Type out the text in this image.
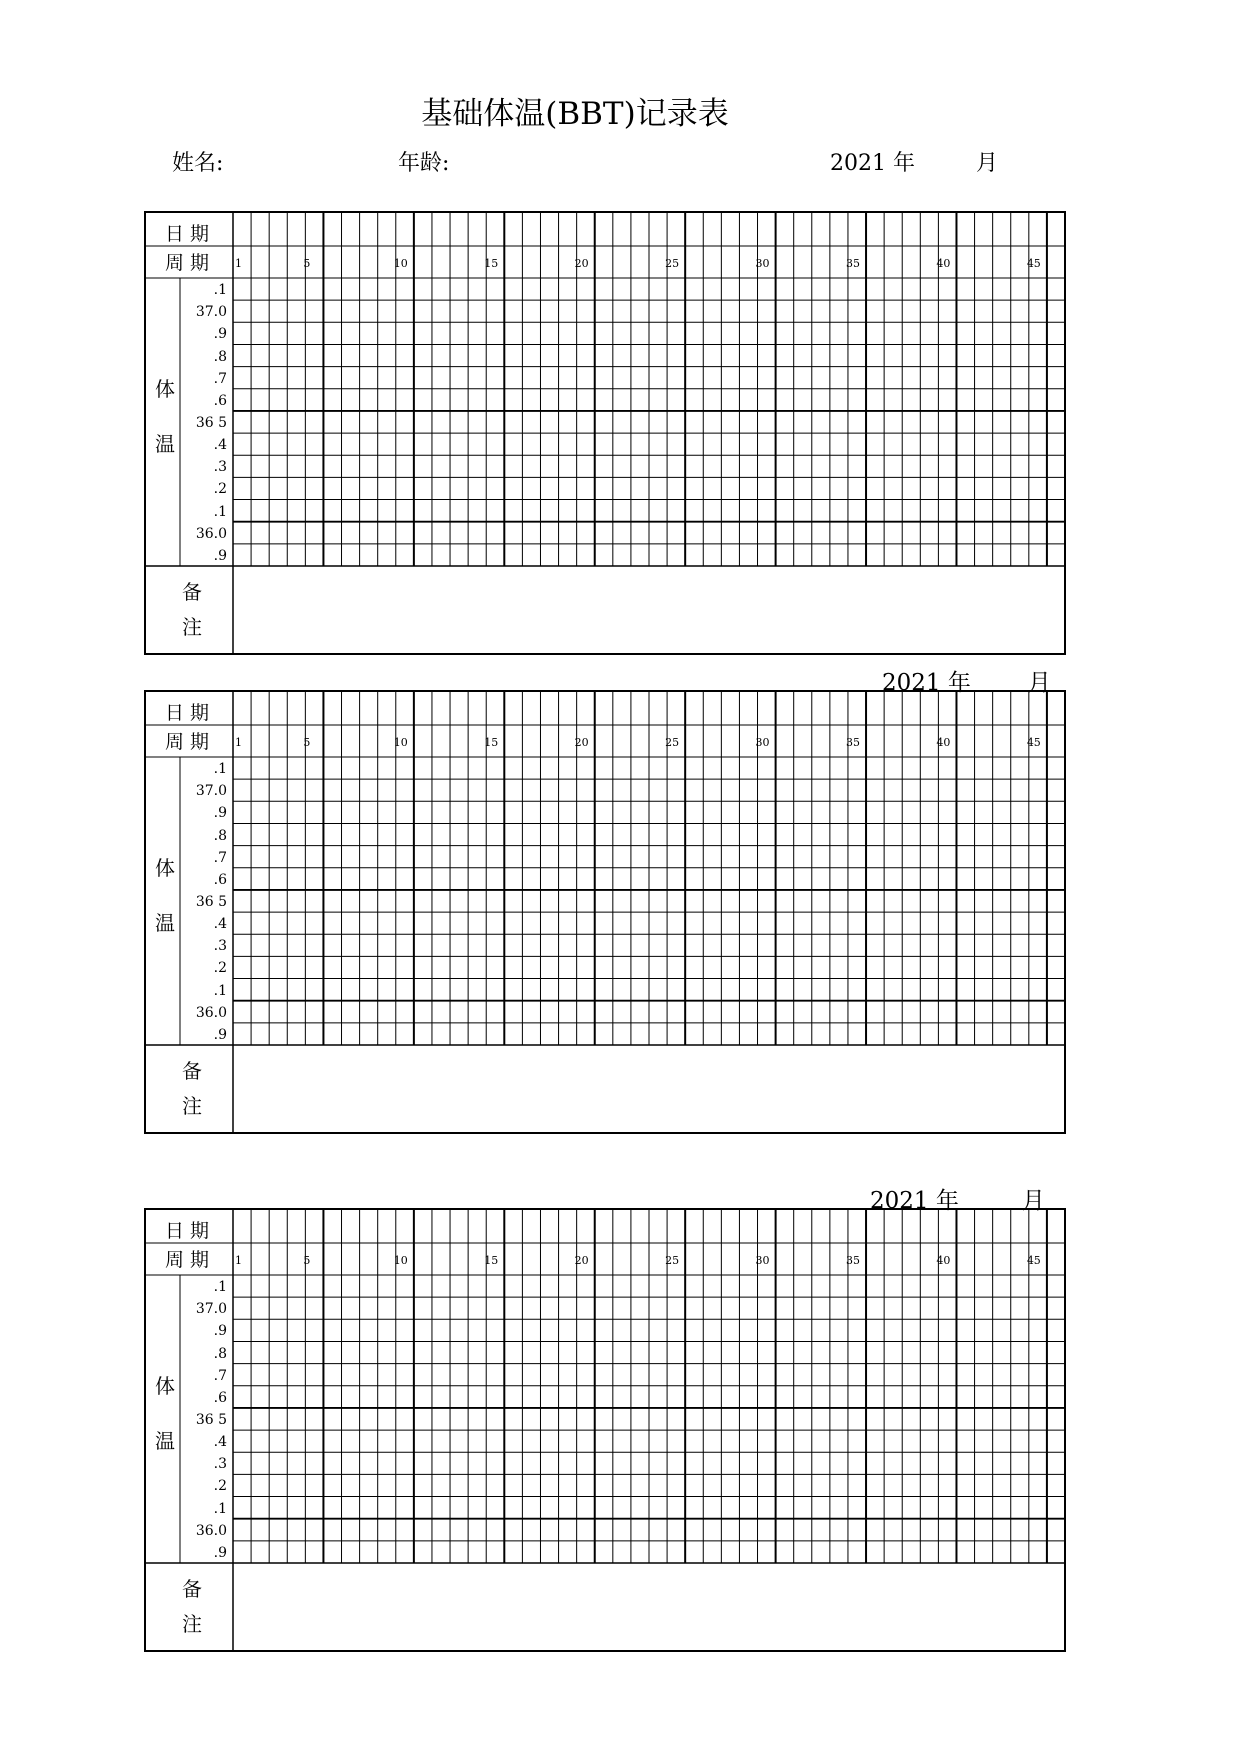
基础体温(BBT)记录表
姓名:	年龄:	2021 年	月
日 期
周 期
体
温
备
注
.1
37.0
.9
.8
.7
.6
36 5
.4
.3
.2
.1
36.0
.9
1	5	10	15	20	25	30	35	40	45
2021 年 月
日 期
周 期
体
温
备
注
.1
37.0
.9
.8
.7
.6
36 5
.4
.3
.2
.1
36.0
.9
1	5	10	15	20	25	30	35	40	45
2021 年	月
日 期
周 期
体
温
备
注
.1
37.0
.9
.8
.7
.6
36 5
.4
.3
.2
.1
36.0
.9
1	5	10	15	20	25	30	35	40	45
